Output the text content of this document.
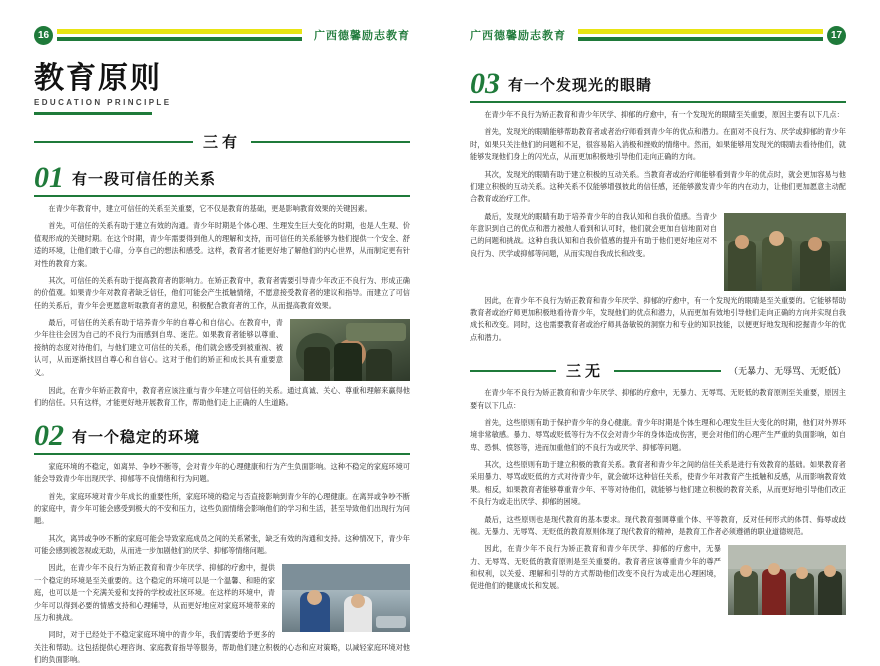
16	广西德馨励志教育
教育原则
EDUCATION PRINCIPLE
三有
01 有一段可信任的关系

在青少年教育中，建立可信任的关系至关重要，它不仅是教育的基础，更是影响教育效果的关键因素。

首先，可信任的关系有助于建立有效的沟通。青少年时期是个体心理、生理发生巨大变化的时期，也是人生观、价值观形成的关键时期。在这个时期，青少年需要得到他人的理解和支持，而可信任的关系能够为他们提供一个安全、舒适的环境，让他们敢于心扉，分享自己的想法和感受。这样，教育者才能更好地了解他们的内心世界，从而制定更有针对性的教育方案。

其次，可信任的关系有助于提高教育者的影响力。在矫正教育中，教育者需要引导青少年改正不良行为、形成正确的价值观。如果青少年对教育者缺乏信任，他们可能会产生抵触情绪，不愿意接受教育者的建议和指导。而建立了可信任的关系后，青少年会更愿意听取教育者的意见，积极配合教育者的工作，从而提高教育效果。

最后，可信任的关系有助于培养青少年的自尊心和自信心。在教育中，青少年往往会因为自己的不良行为而感到自卑、迷茫。如果教育者能够以尊重、接纳的态度对待他们，与他们建立可信任的关系，他们就会感受到被重视、被认可，从而逐渐找回自尊心和自信心。这对于他们的矫正和成长具有重要意义。

因此，在青少年矫正教育中，教育者应该注重与青少年建立可信任的关系。通过真诚、关心、尊重和理解来赢得他们的信任。只有这样，才能更好地开展教育工作，帮助他们走上正确的人生道路。

02 有一个稳定的环境

家庭环境的不稳定，如离异、争吵不断等，会对青少年的心理健康和行为产生负面影响。这种不稳定的家庭环境可能会导致青少年出现厌学、抑郁等不良情绪和行为问题。

首先，家庭环境对青少年成长的重要性所，家庭环境的稳定与否直接影响到青少年的心理健康。在离异或争吵不断的家庭中，青少年可能会感受到极大的不安和压力，这些负面情绪会影响他们的学习和生活，甚至导致他们出现行为问题。

其次，离异或争吵不断的家庭可能会导致家庭成员之间的关系紧张，缺乏有效的沟通和支持。这种情况下，青少年可能会感到被忽视或无助，从而进一步加剧他们的厌学、抑郁等情绪问题。

因此，在青少年不良行为矫正教育和青少年厌学、抑郁的疗愈中，提供一个稳定的环境是至关重要的。这个稳定的环境可以是一个温馨、和睦的家庭，也可以是一个充满关爱和支持的学校或社区环境。在这样的环境中，青少年可以得到必要的情感支持和心理辅导，从而更好地应对家庭环境带来的压力和挑战。

同时，对于已经处于不稳定家庭环境中的青少年，我们需要给予更多的关注和帮助。这包括提供心理咨询、家庭教育指导等服务，帮助他们建立积极的心态和应对策略，以减轻家庭环境对他们的负面影响。

广西德馨励志教育	17
03 有一个发现光的眼睛

在青少年不良行为矫正教育和青少年厌学、抑郁的疗愈中，有一个发现光的眼睛至关重要，原因主要有以下几点：

首先，发现光的眼睛能够帮助教育者或者治疗师看到青少年的优点和潜力。在面对不良行为、厌学或抑郁的青少年时，如果只关注他们的问题和不足，很容易陷入消极和挫败的情绪中。然而，如果能够用发现光的眼睛去看待他们，就能够发现他们身上的闪光点，从而更加积极地引导他们走向正确的方向。

其次，发现光的眼睛有助于建立积极的互动关系。当教育者或治疗师能够看到青少年的优点时，就会更加容易与他们建立积极的互动关系。这种关系不仅能够增强彼此的信任感，还能够激发青少年的内在动力，让他们更加愿意主动配合教育或治疗工作。

最后，发现光的眼睛有助于培养青少年的自我认知和自我价值感。当青少年意识到自己的优点和潜力被他人看到和认可时，他们就会更加自信地面对自己的问题和挑战。这种自我认知和自我价值感的提升有助于他们更好地应对不良行为、厌学或抑郁等问题，从而实现自我成长和改变。

因此，在青少年不良行为矫正教育和青少年厌学、抑郁的疗愈中，有一个发现光的眼睛是至关重要的。它能够帮助教育者或治疗师更加积极地看待青少年，发现他们的优点和潜力，从而更加有效地引导他们走向正确的方向并实现自我成长和改变。同时，这也需要教育者或治疗师具备敏锐的洞察力和专业的知识技能，以便更好地发现和挖掘青少年的优点和潜力。

三无	（无暴力、无辱骂、无贬低）

在青少年不良行为矫正教育和青少年厌学、抑郁的疗愈中，无暴力、无辱骂、无贬低的教育原则至关重要，原因主要有以下几点：

首先，这些原则有助于保护青少年的身心健康。青少年时期是个体生理和心理发生巨大变化的时期，他们对外界环境非常敏感。暴力、辱骂或贬低等行为不仅会对青少年的身体造成伤害，更会对他们的心理产生严重的负面影响，如自卑、恐惧、愤怒等，进而加重他们的不良行为或厌学、抑郁等问题。

其次，这些原则有助于建立积极的教育关系。教育者和青少年之间的信任关系是进行有效教育的基础。如果教育者采用暴力、辱骂或贬低的方式对待青少年，就会破坏这种信任关系，使青少年对教育产生抵触和反感，从而影响教育效果。相反，如果教育者能够尊重青少年、平等对待他们，就能够与他们建立积极的教育关系，从而更好地引导他们改正不良行为或走出厌学、抑郁的困境。

最后，这些原则也是现代教育的基本要求。现代教育强调尊重个体、平等教育，反对任何形式的体罚、侮辱或歧视。无暴力、无辱骂、无贬低的教育原则体现了现代教育的精神，是教育工作者必须遵循的职业道德规范。

因此，在青少年不良行为矫正教育和青少年厌学、抑郁的疗愈中，无暴力、无辱骂、无贬低的教育原则是至关重要的。教育者应该尊重青少年的尊严和权利，以关爱、理解和引导的方式帮助他们改变不良行为或走出心理困境，促进他们的健康成长和发展。
